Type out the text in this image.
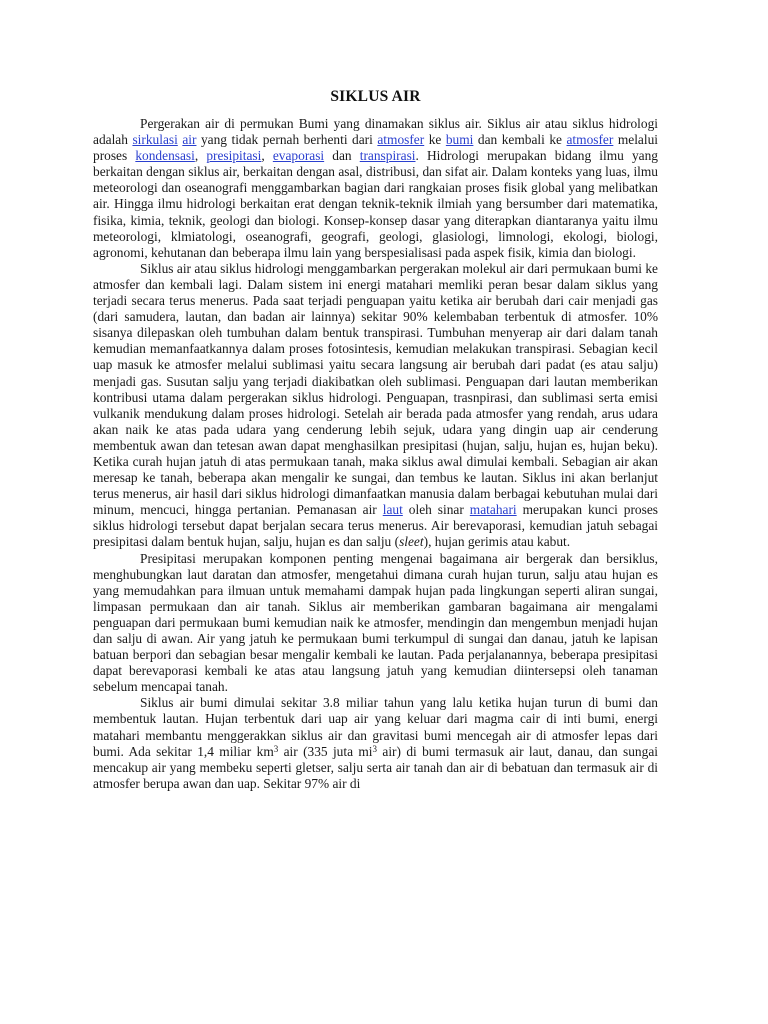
SIKLUS AIR

Pergerakan air di permukan Bumi yang dinamakan siklus air. Siklus air atau siklus hidrologi adalah sirkulasi air yang tidak pernah berhenti dari atmosfer ke bumi dan kembali ke atmosfer melalui proses kondensasi, presipitasi, evaporasi dan transpirasi. Hidrologi merupakan bidang ilmu yang berkaitan dengan siklus air, berkaitan dengan asal, distribusi, dan sifat air. Dalam konteks yang luas, ilmu meteorologi dan oseanografi menggambarkan bagian dari rangkaian proses fisik global yang melibatkan air. Hingga ilmu hidrologi berkaitan erat dengan teknik-teknik ilmiah yang bersumber dari matematika, fisika, kimia, teknik, geologi dan biologi. Konsep-konsep dasar yang diterapkan diantaranya yaitu ilmu meteorologi, klmiatologi, oseanografi, geografi, geologi, glasiologi, limnologi, ekologi, biologi, agronomi, kehutanan dan beberapa ilmu lain yang berspesialisasi pada aspek fisik, kimia dan biologi.

Siklus air atau siklus hidrologi menggambarkan pergerakan molekul air dari permukaan bumi ke atmosfer dan kembali lagi. Dalam sistem ini energi matahari memliki peran besar dalam siklus yang terjadi secara terus menerus. Pada saat terjadi penguapan yaitu ketika air berubah dari cair menjadi gas (dari samudera, lautan, dan badan air lainnya) sekitar 90% kelembaban terbentuk di atmosfer. 10% sisanya dilepaskan oleh tumbuhan dalam bentuk transpirasi. Tumbuhan menyerap air dari dalam tanah kemudian memanfaatkannya dalam proses fotosintesis, kemudian melakukan transpirasi. Sebagian kecil uap masuk ke atmosfer melalui sublimasi yaitu secara langsung air berubah dari padat (es atau salju) menjadi gas. Susutan salju yang terjadi diakibatkan oleh sublimasi. Penguapan dari lautan memberikan kontribusi utama dalam pergerakan siklus hidrologi. Penguapan, trasnpirasi, dan sublimasi serta emisi vulkanik mendukung dalam proses hidrologi. Setelah air berada pada atmosfer yang rendah, arus udara akan naik ke atas pada udara yang cenderung lebih sejuk, udara yang dingin uap air cenderung membentuk awan dan tetesan awan dapat menghasilkan presipitasi (hujan, salju, hujan es, hujan beku). Ketika curah hujan jatuh di atas permukaan tanah, maka siklus awal dimulai kembali. Sebagian air akan meresap ke tanah, beberapa akan mengalir ke sungai, dan tembus ke lautan. Siklus ini akan berlanjut terus menerus, air hasil dari siklus hidrologi dimanfaatkan manusia dalam berbagai kebutuhan mulai dari minum, mencuci, hingga pertanian. Pemanasan air laut oleh sinar matahari merupakan kunci proses siklus hidrologi tersebut dapat berjalan secara terus menerus. Air berevaporasi, kemudian jatuh sebagai presipitasi dalam bentuk hujan, salju, hujan es dan salju (sleet), hujan gerimis atau kabut.

Presipitasi merupakan komponen penting mengenai bagaimana air bergerak dan bersiklus, menghubungkan laut daratan dan atmosfer, mengetahui dimana curah hujan turun, salju atau hujan es yang memudahkan para ilmuan untuk memahami dampak hujan pada lingkungan seperti aliran sungai, limpasan permukaan dan air tanah. Siklus air memberikan gambaran bagaimana air mengalami penguapan dari permukaan bumi kemudian naik ke atmosfer, mendingin dan mengembun menjadi hujan dan salju di awan. Air yang jatuh ke permukaan bumi terkumpul di sungai dan danau, jatuh ke lapisan batuan berpori dan sebagian besar mengalir kembali ke lautan. Pada perjalanannya, beberapa presipitasi dapat berevaporasi kembali ke atas atau langsung jatuh yang kemudian diintersepsi oleh tanaman sebelum mencapai tanah.

Siklus air bumi dimulai sekitar 3.8 miliar tahun yang lalu ketika hujan turun di bumi dan membentuk lautan. Hujan terbentuk dari uap air yang keluar dari magma cair di inti bumi, energi matahari membantu menggerakkan siklus air dan gravitasi bumi mencegah air di atmosfer lepas dari bumi. Ada sekitar 1,4 miliar $km^3$ air (335 juta $mi^3$ air) di bumi termasuk air laut, danau, dan sungai mencakup air yang membeku seperti gletser, salju serta air tanah dan air di bebatuan dan termasuk air di atmosfer berupa awan dan uap. Sekitar 97% air di
